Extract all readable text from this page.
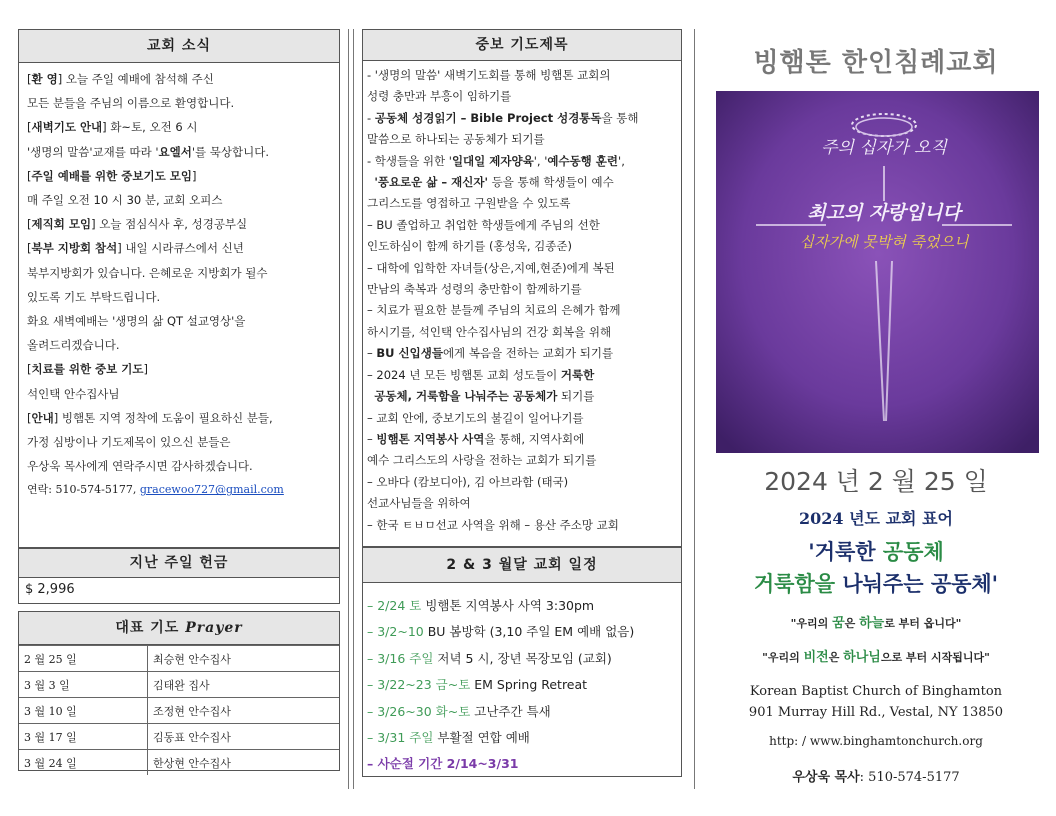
교회 소식
[환 영] 오늘 주일 예배에 참석해 주신
모든 분들을 주님의 이름으로 환영합니다.
[새벽기도 안내] 화~토, 오전 6 시
'생명의 말씀'교재를 따라 '요엘서'를 묵상합니다.
[주일 예배를 위한 중보기도 모임]
매 주일 오전 10 시 30 분, 교회 오피스
[제직회 모임] 오늘 점심식사 후, 성경공부실
[북부 지방회 참석] 내일 시라큐스에서 신년
북부지방회가 있습니다. 은혜로운 지방회가 될수
있도록 기도 부탁드립니다.
화요 새벽예배는 '생명의 삶 QT 설교영상'을
올려드리겠습니다.
[치료를 위한 중보 기도]
석인택 안수집사님
[안내] 빙햄톤 지역 정착에 도움이 필요하신 분들,
가정 심방이나 기도제목이 있으신 분들은
우상욱 목사에게 연락주시면 감사하겠습니다.
연락: 510-574-5177, gracewoo727@gmail.com
지난 주일 헌금
$ 2,996
대표 기도 Prayer
2 월 25 일	최승현 안수집사
3 월 3 일	김태완 집사
3 월 10 일	조정현 안수집사
3 월 17 일	김동표 안수집사
3 월 24 일	한상현 안수집사
중보 기도제목
- '생명의 말씀' 새벽기도회를 통해 빙햄톤 교회의
성령 충만과 부흥이 임하기를
- 공동체 성경읽기 – Bible Project 성경통독을 통해
말씀으로 하나되는 공동체가 되기를
- 학생들을 위한 '일대일 제자양육', '예수동행 훈련',
'풍요로운 삶 – 재신자' 등을 통해 학생들이 예수
그리스도를 영접하고 구원받을 수 있도록
– BU 졸업하고 취업한 학생들에게 주님의 선한
인도하심이 함께 하기를 (홍성욱, 김종준)
– 대학에 입학한 자녀들(상은,지예,현준)에게 복된
만남의 축복과 성령의 충만함이 함께하기를
– 치료가 필요한 분들께 주님의 치료의 은혜가 함께
하시기를, 석인택 안수집사님의 건강 회복을 위해
– BU 신입생들에게 복음을 전하는 교회가 되기를
– 2024 년 모든 빙햄톤 교회 성도들이 거룩한
공동체, 거룩함을 나눠주는 공동체가 되기를
– 교회 안에, 중보기도의 불길이 일어나기를
– 빙햄톤 지역봉사 사역을 통해, 지역사회에
예수 그리스도의 사랑을 전하는 교회가 되기를
– 오바다 (캄보디아), 김 아브라함 (태국)
선교사님들을 위하여
– 한국 ㅌㅂㅁ선교 사역을 위해 – 용산 주소망 교회
2 & 3 월달 교회 일정
– 2/24 토 빙햄톤 지역봉사 사역 3:30pm
– 3/2~10 BU 봄방학 (3,10 주일 EM 예배 없음)
– 3/16 주일 저녁 5 시, 장년 목장모임 (교회)
– 3/22~23 금~토 EM Spring Retreat
– 3/26~30 화~토 고난주간 특새
– 3/31 주일 부활절 연합 예배
– 사순절 기간 2/14~3/31
빙햄톤 한인침례교회
주의 십자가 오직
최고의 자랑입니다
십자가에 못박혀 죽었으니
2024 년 2 월 25 일
2024 년도 교회 표어
'거룩한 공동체
거룩함을 나눠주는 공동체'
"우리의 꿈은 하늘로 부터 옵니다"
"우리의 비전은 하나님으로 부터 시작됩니다"
Korean Baptist Church of Binghamton
901 Murray Hill Rd., Vestal, NY 13850
http: / www.binghamtonchurch.org
우상욱 목사: 510-574-5177
